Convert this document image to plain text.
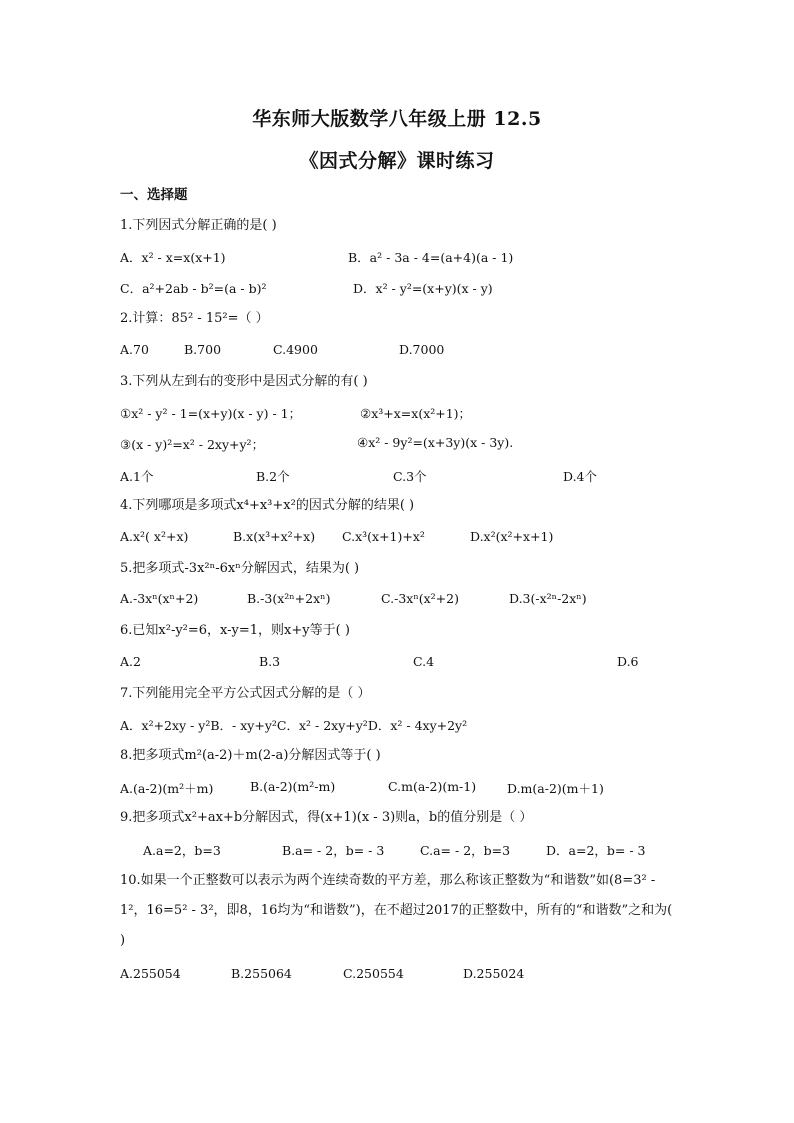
华东师大版数学八年级上册 12.5
《因式分解》课时练习
一、选择题
1.下列因式分解正确的是( )
A．x² - x=x(x+1)	B．a² - 3a - 4=(a+4)(a - 1)
C．a²+2ab - b²=(a - b)²	D．x² - y²=(x+y)(x - y)
2.计算：85² - 15²=（ ）
A.70	B.700	C.4900	D.7000
3.下列从左到右的变形中是因式分解的有( )
①x² - y² - 1=(x+y)(x - y) - 1；	②x³+x=x(x²+1)；
③(x - y)²=x² - 2xy+y²；	④x² - 9y²=(x+3y)(x - 3y).
A.1个	B.2个	C.3个	D.4个
4.下列哪项是多项式x⁴+x³+x²的因式分解的结果( )
A.x²( x²+x)	B.x(x³+x²+x) C.x³(x+1)+x²	D.x²(x²+x+1)
5.把多项式-3x²ⁿ-6xⁿ分解因式，结果为( )
A.-3xⁿ(xⁿ+2)	B.-3(x²ⁿ+2xⁿ)	C.-3xⁿ(x²+2)	D.3(-x²ⁿ-2xⁿ)
6.已知x²-y²=6，x-y=1，则x+y等于( )
A.2	B.3	C.4	D.6
7.下列能用完全平方公式因式分解的是（ ）
A．x²+2xy - y²B．- xy+y²C．x² - 2xy+y²D．x² - 4xy+2y²
8.把多项式m²(a-2)＋m(2-a)分解因式等于( )
A.(a-2)(m²＋m)	B.(a-2)(m²-m)	C.m(a-2)(m-1) D.m(a-2)(m＋1)
9.把多项式x²+ax+b分解因式，得(x+1)(x - 3)则a，b的值分别是（ ）
A.a=2，b=3	B.a= - 2，b= - 3	C.a= - 2，b=3	D．a=2，b= - 3
10.如果一个正整数可以表示为两个连续奇数的平方差，那么称该正整数为“和谐数”如(8=3² - 1²，16=5² - 3²，即8，16均为“和谐数”)，在不超过2017的正整数中，所有的“和谐数”之和为( )
A.255054	B.255064	C.250554	D.255024
